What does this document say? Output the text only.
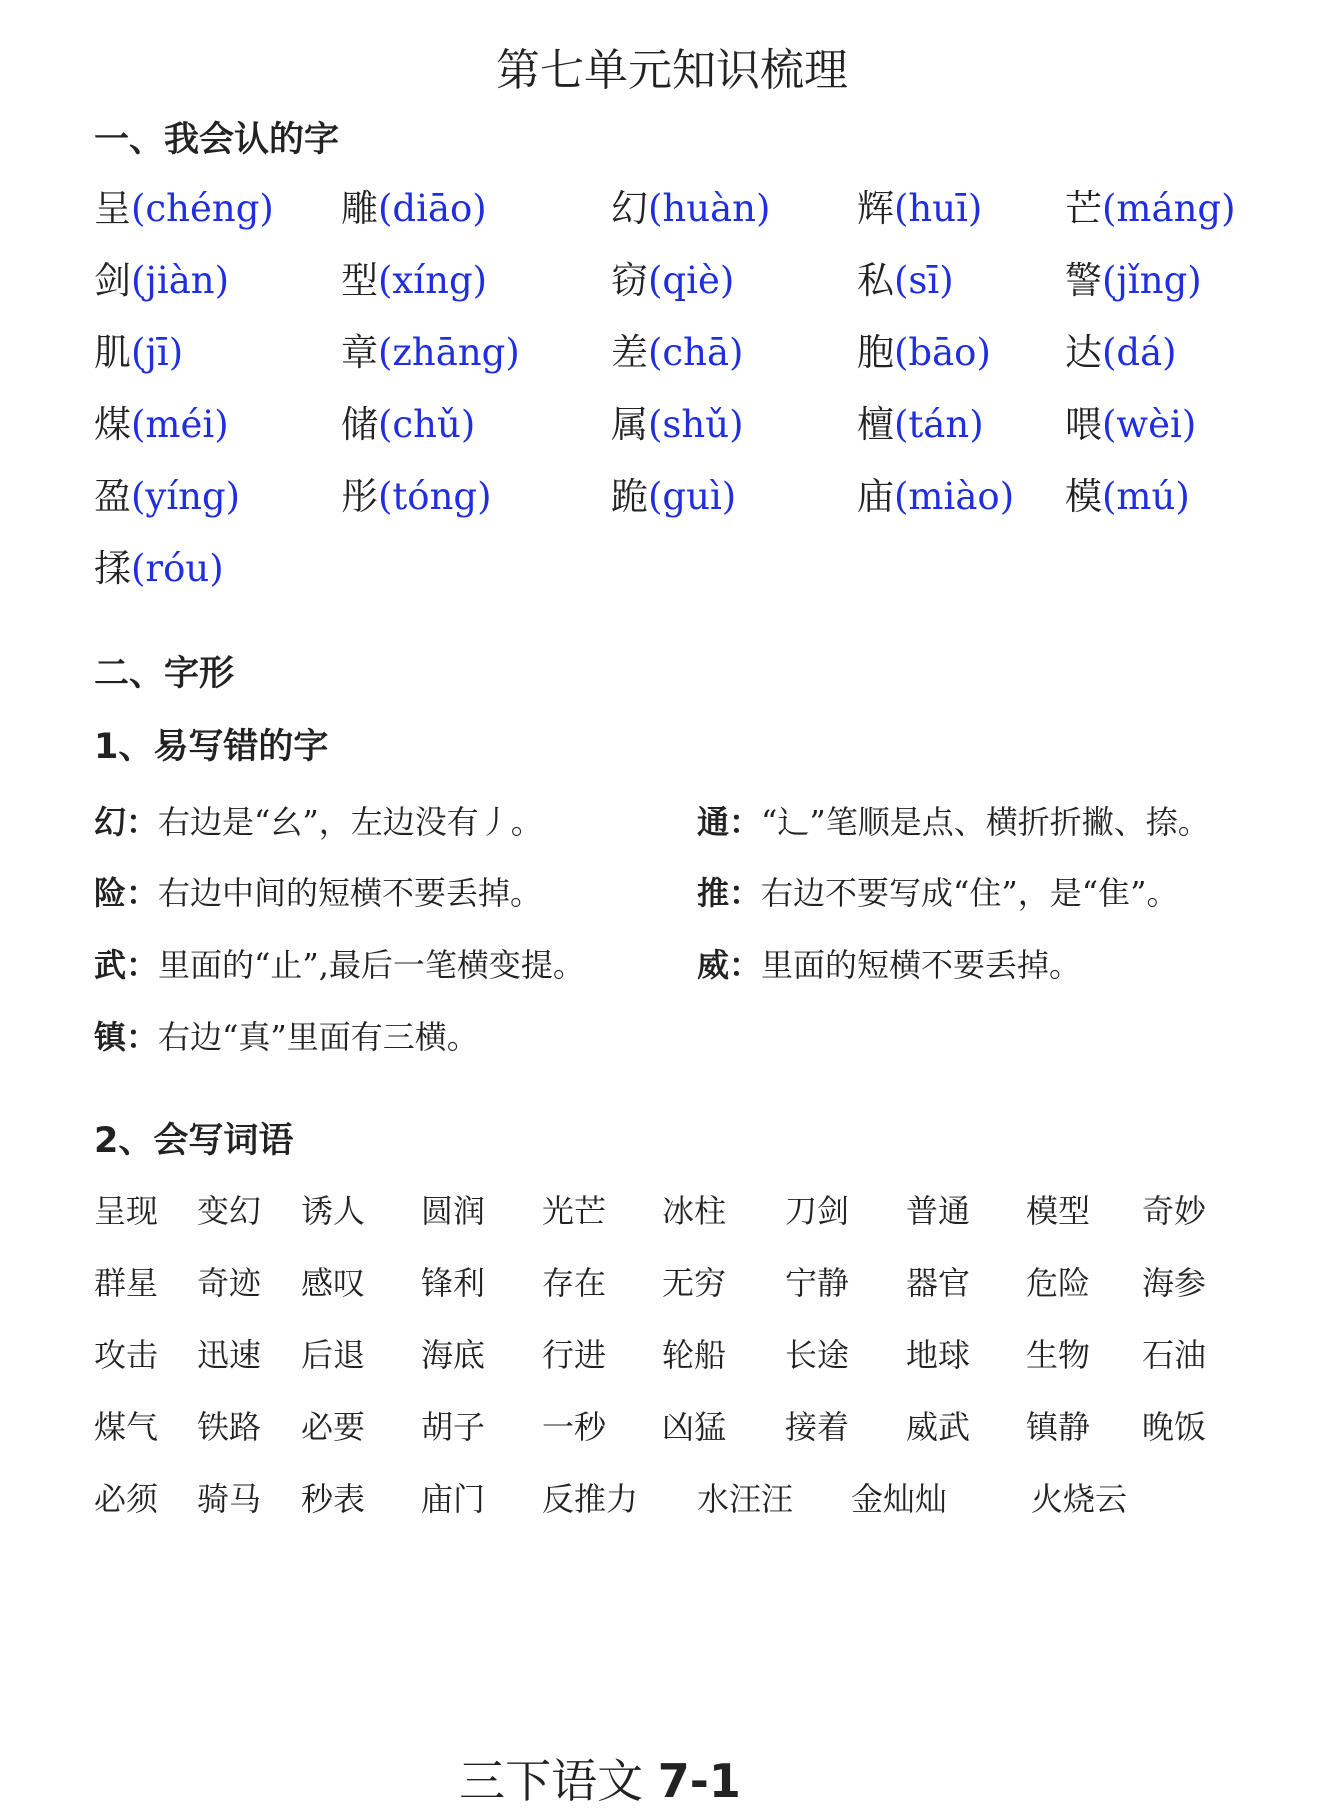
第七单元知识梳理
一、我会认的字
呈(chéng) 雕(diāo)	幻(huàn) 辉(huī) 芒(máng)
剑(jiàn)	型(xíng)	窃(qiè)	私(sī)	警(jǐng)
肌(jī)	章(zhāng) 差(chā)	胞(bāo) 达(dá)
煤(méi)	储(chǔ)	属(shǔ)	檀(tán) 喂(wèi)
盈(yíng)	彤(tóng)	跪(guì)	庙(miào) 模(mú)
揉(róu)
二、字形
1、易写错的字
幻：右边是“幺”，左边没有丿。	通：“辶”笔顺是点、横折折撇、捺。
险：右边中间的短横不要丢掉。	推：右边不要写成“住”，是“隹”。
武：里面的“止”,最后一笔横变提。	威：里面的短横不要丢掉。
镇：右边“真”里面有三横。
2、会写词语
呈现 变幻 诱人 圆润 光芒 冰柱 刀剑 普通 模型 奇妙
群星 奇迹 感叹 锋利 存在 无穷 宁静 器官 危险 海参
攻击 迅速 后退 海底 行进 轮船 长途 地球 生物 石油
煤气 铁路 必要 胡子 一秒 凶猛 接着 威武 镇静 晚饭
必须 骑马 秒表 庙门 反推力 水汪汪 金灿灿	火烧云
三下语文 7-1
